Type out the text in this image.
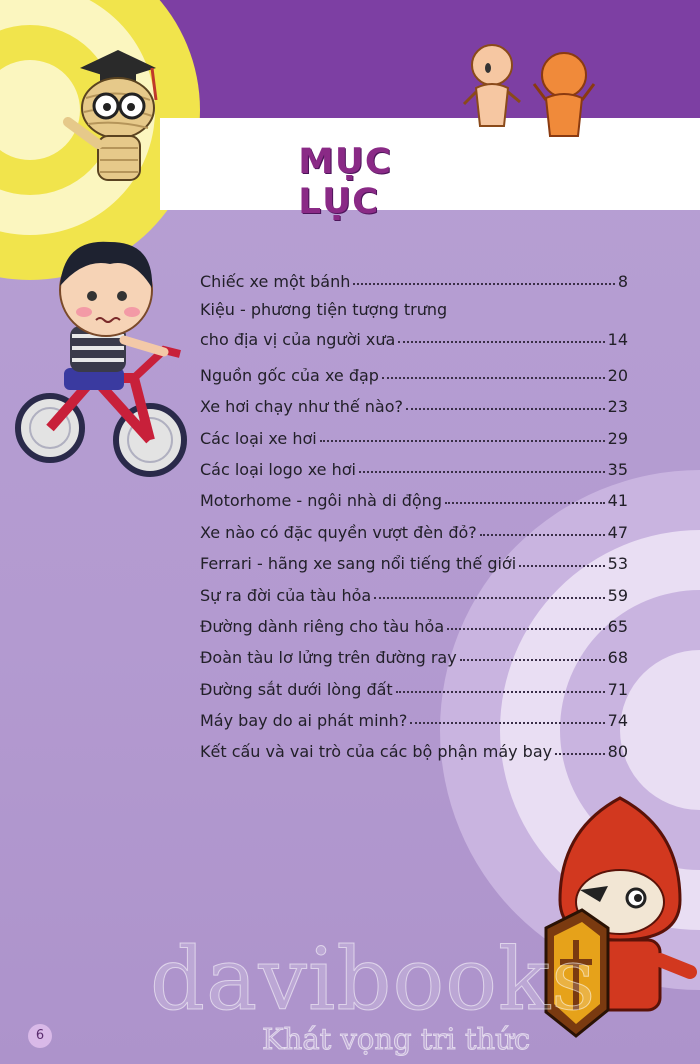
MỤC LỤC
Chiếc xe một bánh	8
Kiệu - phương tiện tượng trưng
cho địa vị của người xưa	14
Nguồn gốc của xe đạp	20
Xe hơi chạy như thế nào?	23
Các loại xe hơi	29
Các loại logo xe hơi	35
Motorhome - ngôi nhà di động	41
Xe nào có đặc quyền vượt đèn đỏ?	47
Ferrari - hãng xe sang nổi tiếng thế giới	53
Sự ra đời của tàu hỏa	59
Đường dành riêng cho tàu hỏa	65
Đoàn tàu lơ lửng trên đường ray	68
Đường sắt dưới lòng đất	71
Máy bay do ai phát minh?	74
Kết cấu và vai trò của các bộ phận máy bay	80
davibooks
Khát vọng tri thức
6
